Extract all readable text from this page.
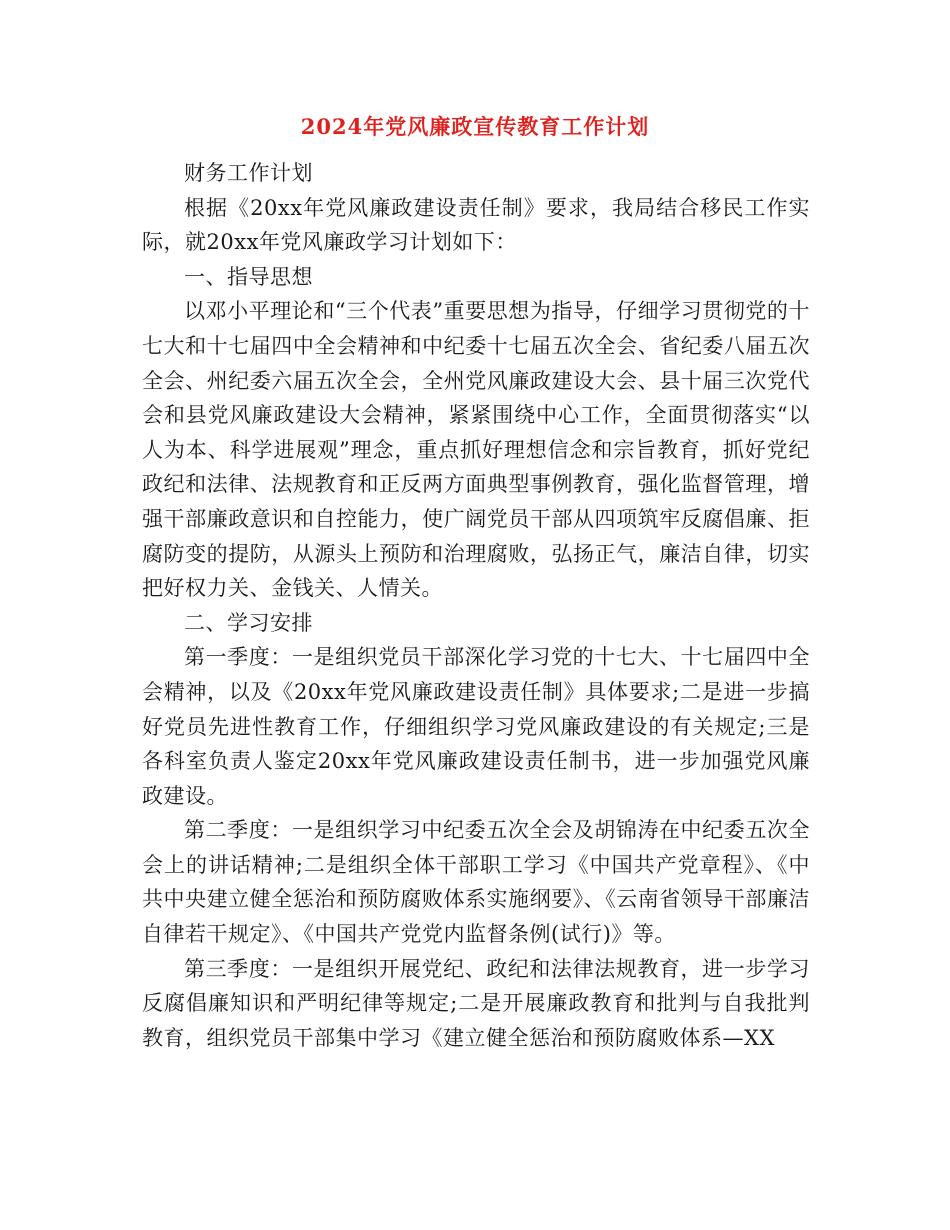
2024年党风廉政宣传教育工作计划

财务工作计划

根据《20xx年党风廉政建设责任制》要求，我局结合移民工作实际，就20xx年党风廉政学习计划如下：

一、指导思想

以邓小平理论和“三个代表”重要思想为指导，仔细学习贯彻党的十七大和十七届四中全会精神和中纪委十七届五次全会、省纪委八届五次全会、州纪委六届五次全会，全州党风廉政建设大会、县十届三次党代会和县党风廉政建设大会精神，紧紧围绕中心工作，全面贯彻落实“以人为本、科学进展观”理念，重点抓好理想信念和宗旨教育，抓好党纪政纪和法律、法规教育和正反两方面典型事例教育，强化监督管理，增强干部廉政意识和自控能力，使广阔党员干部从四项筑牢反腐倡廉、拒腐防变的提防，从源头上预防和治理腐败，弘扬正气，廉洁自律，切实把好权力关、金钱关、人情关。

二、学习安排

第一季度：一是组织党员干部深化学习党的十七大、十七届四中全会精神，以及《20xx年党风廉政建设责任制》具体要求;二是进一步搞好党员先进性教育工作，仔细组织学习党风廉政建设的有关规定;三是各科室负责人鉴定20xx年党风廉政建设责任制书，进一步加强党风廉政建设。

第二季度：一是组织学习中纪委五次全会及胡锦涛在中纪委五次全会上的讲话精神;二是组织全体干部职工学习《中国共产党章程》、《中共中央建立健全惩治和预防腐败体系实施纲要》、《云南省领导干部廉洁自律若干规定》、《中国共产党党内监督条例(试行)》等。

第三季度：一是组织开展党纪、政纪和法律法规教育，进一步学习反腐倡廉知识和严明纪律等规定;二是开展廉政教育和批判与自我批判教育，组织党员干部集中学习《建立健全惩治和预防腐败体系—XX
